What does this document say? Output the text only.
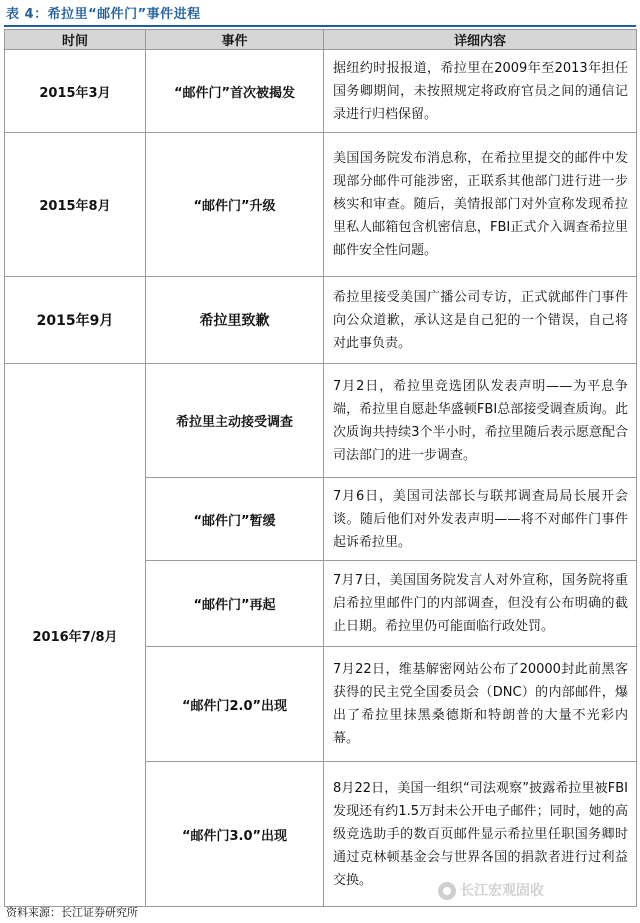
表 4：希拉里“邮件门”事件进程
时间	事件	详细内容
2015年3月	“邮件门”首次被揭发	据纽约时报报道，希拉里在2009年至2013年担任国务卿期间，未按照规定将政府官员之间的通信记录进行归档保留。
2015年8月	“邮件门”升级	美国国务院发布消息称，在希拉里提交的邮件中发现部分邮件可能涉密，正联系其他部门进行进一步核实和审查。随后，美情报部门对外宣称发现希拉里私人邮箱包含机密信息，FBI正式介入调查希拉里邮件安全性问题。
2015年9月	希拉里致歉	希拉里接受美国广播公司专访，正式就邮件门事件向公众道歉，承认这是自己犯的一个错误，自己将对此事负责。
2016年7/8月	希拉里主动接受调查	7月2日，希拉里竞选团队发表声明——为平息争端，希拉里自愿赴华盛顿FBI总部接受调查质询。此次质询共持续3个半小时，希拉里随后表示愿意配合司法部门的进一步调查。
	“邮件门”暂缓	7月6日，美国司法部长与联邦调查局局长展开会谈。随后他们对外发表声明——将不对邮件门事件起诉希拉里。
	“邮件门”再起	7月7日，美国国务院发言人对外宣称，国务院将重启希拉里邮件门的内部调查，但没有公布明确的截止日期。希拉里仍可能面临行政处罚。
	“邮件门2.0”出现	7月22日，维基解密网站公布了20000封此前黑客获得的民主党全国委员会（DNC）的内部邮件，爆出了希拉里抹黑桑德斯和特朗普的大量不光彩内幕。
	“邮件门3.0”出现	8月22日，美国一组织“司法观察”披露希拉里被FBI发现还有约1.5万封未公开电子邮件；同时，她的高级竞选助手的数百页邮件显示希拉里任职国务卿时通过克林顿基金会与世界各国的捐款者进行过利益交换。
长江宏观固收
资料来源：长江证券研究所
